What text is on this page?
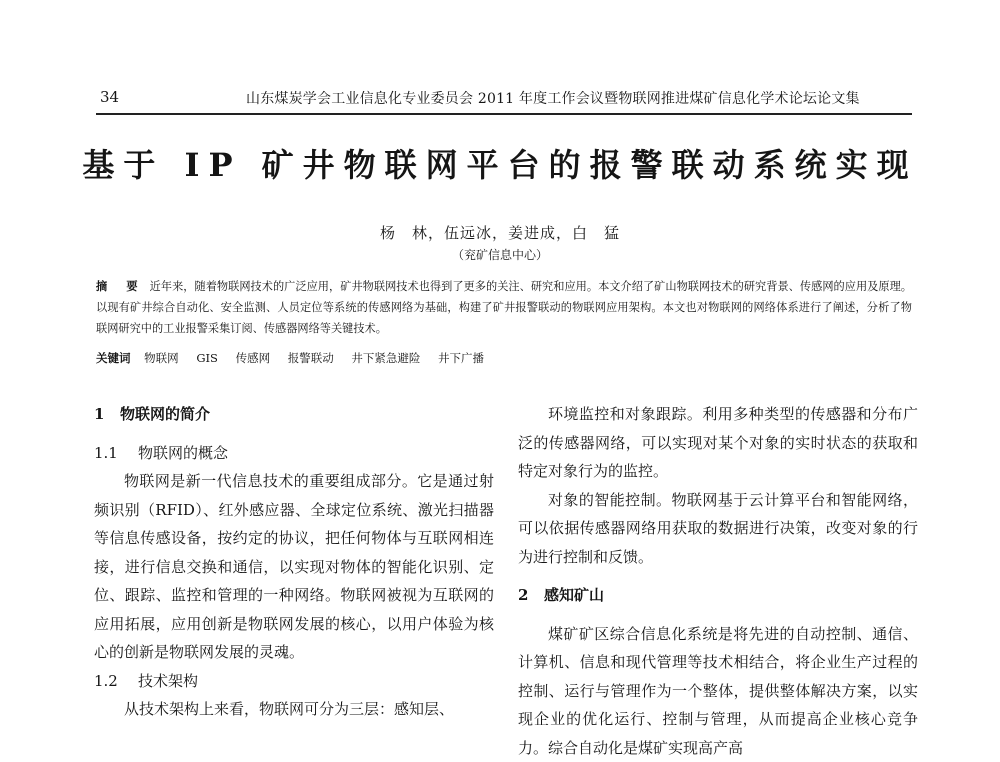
34	山东煤炭学会工业信息化专业委员会 2011 年度工作会议暨物联网推进煤矿信息化学术论坛论文集
基于 IP 矿井物联网平台的报警联动系统实现
杨　林，伍远冰，姜进成，白　猛
（兖矿信息中心）
摘　要 近年来，随着物联网技术的广泛应用，矿井物联网技术也得到了更多的关注、研究和应用。本文介绍了矿山物联网技术的研究背景、传感网的应用及原理。以现有矿井综合自动化、安全监测、人员定位等系统的传感网络为基础，构建了矿井报警联动的物联网应用架构。本文也对物联网的网络体系进行了阐述，分析了物联网研究中的工业报警采集订阅、传感器网络等关键技术。
关键词 物联网 GIS 传感网 报警联动 井下紧急避险 井下广播
1 物联网的简介
1.1 物联网的概念

物联网是新一代信息技术的重要组成部分。它是通过射频识别（RFID）、红外感应器、全球定位系统、激光扫描器等信息传感设备，按约定的协议，把任何物体与互联网相连接，进行信息交换和通信，以实现对物体的智能化识别、定位、跟踪、监控和管理的一种网络。物联网被视为互联网的应用拓展，应用创新是物联网发展的核心，以用户体验为核心的创新是物联网发展的灵魂。

1.2 技术架构

从技术架构上来看，物联网可分为三层：感知层、

环境监控和对象跟踪。利用多种类型的传感器和分布广泛的传感器网络，可以实现对某个对象的实时状态的获取和特定对象行为的监控。

对象的智能控制。物联网基于云计算平台和智能网络，可以依据传感器网络用获取的数据进行决策，改变对象的行为进行控制和反馈。

2 感知矿山

煤矿矿区综合信息化系统是将先进的自动控制、通信、计算机、信息和现代管理等技术相结合，将企业生产过程的控制、运行与管理作为一个整体，提供整体解决方案，以实现企业的优化运行、控制与管理，从而提高企业核心竞争力。综合自动化是煤矿实现高产高
